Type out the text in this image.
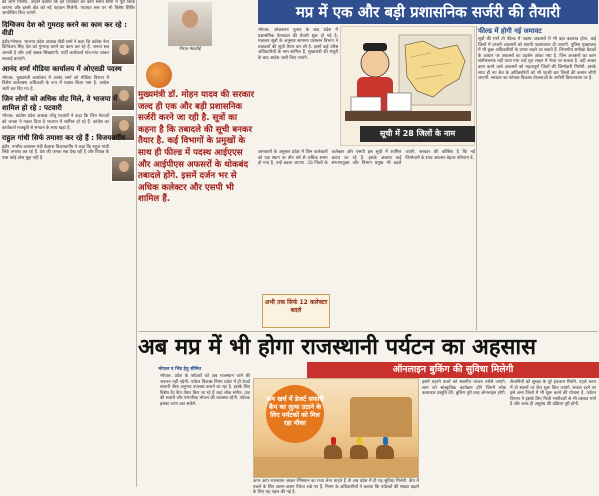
को लाभ मिलेगा. उन्होंने बताया कि इन प्रोजेक्टों का काम समय सीमा में पूरा किया जाएगा और इससे क्षेत्र को नई पहचान मिलेगी. पंचायत स्तर पर भी विशेष शिविर आयोजित किए जाएंगे.

दिग्विजय देश को गुमराह करने का काम कर रहे : वीडी

इंदौर/भोपाल. भाजपा प्रदेश अध्यक्ष वीडी शर्मा ने कहा कि कांग्रेस नेता दिग्विजय सिंह देश को गुमराह करने का काम कर रहे हैं. जनता सब जानती है और उन्हें सबक सिखाएगी. पार्टी कार्यकर्ता गांव-गांव जाकर सच्चाई बताएंगे.

आनंद शर्मा मीडिया कार्यालय में ओएसडी पदस्थ

भोपाल. मुख्यमंत्री कार्यालय में आनंद शर्मा को मीडिया विभाग में विशेष कर्तव्यस्थ अधिकारी के रूप में पदस्थ किया गया है. आदेश जारी कर दिए गए हैं.

जिन लोगों को अधिक वोट मिले, वे भाजपा में शामिल हो रहे : पटवारी

भोपाल. कांग्रेस प्रदेश अध्यक्ष जीतू पटवारी ने कहा कि जिन नेताओं को जनता ने नकार दिया वे भाजपा में शामिल हो रहे हैं. कांग्रेस का कार्यकर्ता मजबूती से संगठन के साथ खड़ा है.

राहुल गांधी सिर्फ तमाशा कर रहे हैं : विजयवर्गीय

इंदौर. नगरीय प्रशासन मंत्री कैलाश विजयवर्गीय ने कहा कि राहुल गांधी सिर्फ तमाशा कर रहे हैं. देश की जनता सब देख रही है और विपक्ष के पास कोई ठोस मुद्दा नहीं है.

नीरज मंडलोई

मुख्यमंत्री डॉ. मोहन यादव की सरकार जल्द ही एक और बड़ी प्रशासनिक सर्जरी करने जा रही है. सूत्रों का कहना है कि तबादले की सूची बनकर तैयार है. कई विभागों के प्रमुखों के साथ ही फील्ड में पदस्थ आईएएस और आईपीएस अफसरों के थोकबंद तबादले होंगे. इसमें दर्जन भर से अधिक कलेक्टर और एसपी भी शामिल हैं.

मप्र में एक और बड़ी प्रशासनिक सर्जरी की तैयारी

भोपाल. लोकसभा चुनाव के बाद प्रदेश में प्रशासनिक फेरबदल की तैयारी शुरू हो गई है. मंत्रालय सूत्रों के अनुसार सामान्य प्रशासन विभाग ने तबादलों की सूची तैयार कर ली है. इसमें कई वरिष्ठ अधिकारियों के नाम शामिल हैं. मुख्यमंत्री की मंजूरी के बाद आदेश जारी किए जाएंगे.

जानकारी के अनुसार प्रदेश में जिन कलेक्टरों को एक स्थान पर तीन वर्ष से अधिक समय हो गया है, उन्हें बदला जाएगा. 28 जिलों के कलेक्टर और एसपी इस सूची में शामिल बताए जा रहे हैं. इसके अलावा कई संभागायुक्त और विभाग प्रमुख भी बदले जाएंगे. सरकार की कोशिश है कि नई जिम्मेदारी के साथ अफसर बेहतर परिणाम दें.

सूची में 28 जिलों के नाम
अभी तक सिर्फ 12 कलेक्टर बदले
फील्ड में होगी नई जमावट

सूत्रों की मानें तो फील्ड में पदस्थ अफसरों में भी बड़ा बदलाव होगा. कई जिलों में प्रभारी अफसरों को स्थायी पदस्थापना दी जाएगी. पुलिस मुख्यालय में भी कुछ अधिकारियों के प्रभार बदले जा सकते हैं. विभागीय समीक्षा बैठकों के आधार पर अफसरों का प्रदर्शन आंका गया है. जिन अफसरों का काम संतोषजनक नहीं पाया गया उन्हें लूप लाइन में भेजा जा सकता है. वहीं अच्छा काम करने वाले अफसरों को महत्वपूर्ण जिलों की जिम्मेदारी मिलेगी. इसके साथ ही नए बैच के अधिकारियों को भी पहली बार जिलों की कमान सौंपी जाएगी. सरकार का फोकस विकास योजनाओं के जमीनी क्रियान्वयन पर है.

अब मप्र में भी होगा राजस्थानी पर्यटन का अहसास
ऑनलाइन बुकिंग की सुविधा मिलेगी
भोपाल व भिंड हेतु सीमित

भोपाल. प्रदेश के पर्यटकों को अब राजस्थान जाने की जरूरत नहीं पड़ेगी. पर्यटन विकास निगम प्रदेश में ही डेजर्ट सफारी जैसा अनुभव उपलब्ध कराने जा रहा है. इसके लिए विशेष टेंट कैंप तैयार किए जा रहे हैं जहां लोक संगीत, ऊंट की सवारी और पारंपरिक भोजन की व्यवस्था रहेगी. पर्यटक इसका लाभ उठा सकेंगे.

कम खर्च में डेजर्ट सफारी कैंप का लुत्फ उठाने के लिए पर्यटकों को मिल रहा मौका

इसमें ठहरने वालों को स्थानीय व्यंजन परोसे जाएंगे. शाम को सांस्कृतिक कार्यक्रम होंगे जिनमें लोक कलाकार प्रस्तुति देंगे. बुकिंग पूरी तरह ऑनलाइन होगी.

सैलानियों को सुरक्षा के पूरे इंतजाम मिलेंगे. पहले चरण में दो स्थानों पर कैंप शुरू किए जाएंगे. सफल रहने पर इसे अन्य जिलों में भी शुरू करने की योजना है. पर्यटन विभाग ने इसके लिए निजी भागीदारों से भी प्रस्ताव मांगे हैं और जल्द ही अनुबंध की प्रक्रिया पूरी होगी.

अगर आप राजस्थान जाकर रेगिस्तान का मजा लेना चाहते हैं तो अब प्रदेश में ही यह सुविधा मिलेगी. कैंप में रुकने के लिए अलग-अलग पैकेज रखे गए हैं. निगम के अधिकारियों ने बताया कि पर्यटकों की संख्या बढ़ाने के लिए यह पहल की गई है.
